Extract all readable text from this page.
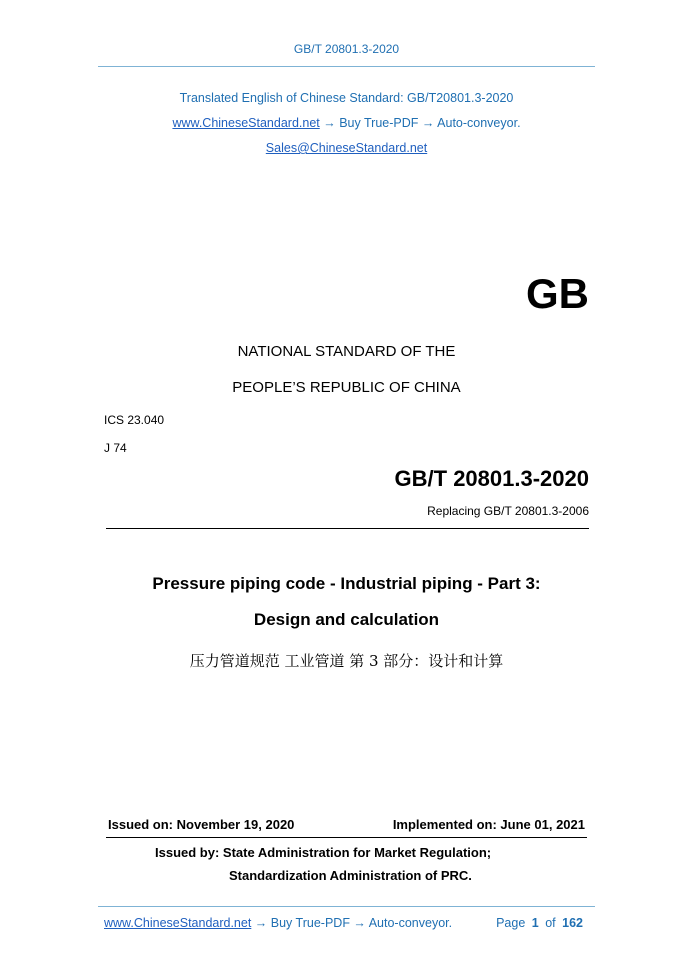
GB/T 20801.3-2020
Translated English of Chinese Standard: GB/T20801.3-2020
www.ChineseStandard.net → Buy True-PDF → Auto-conveyor.
Sales@ChineseStandard.net
GB
NATIONAL STANDARD OF THE
PEOPLE’S REPUBLIC OF CHINA
ICS 23.040
J 74
GB/T 20801.3-2020
Replacing GB/T 20801.3-2006
Pressure piping code - Industrial piping - Part 3:
Design and calculation
压力管道规范 工业管道 第 3 部分：设计和计算
Issued on: November 19, 2020	Implemented on: June 01, 2021
Issued by: State Administration for Market Regulation;
Standardization Administration of PRC.
www.ChineseStandard.net → Buy True-PDF → Auto-conveyor.	Page 1 of 162
